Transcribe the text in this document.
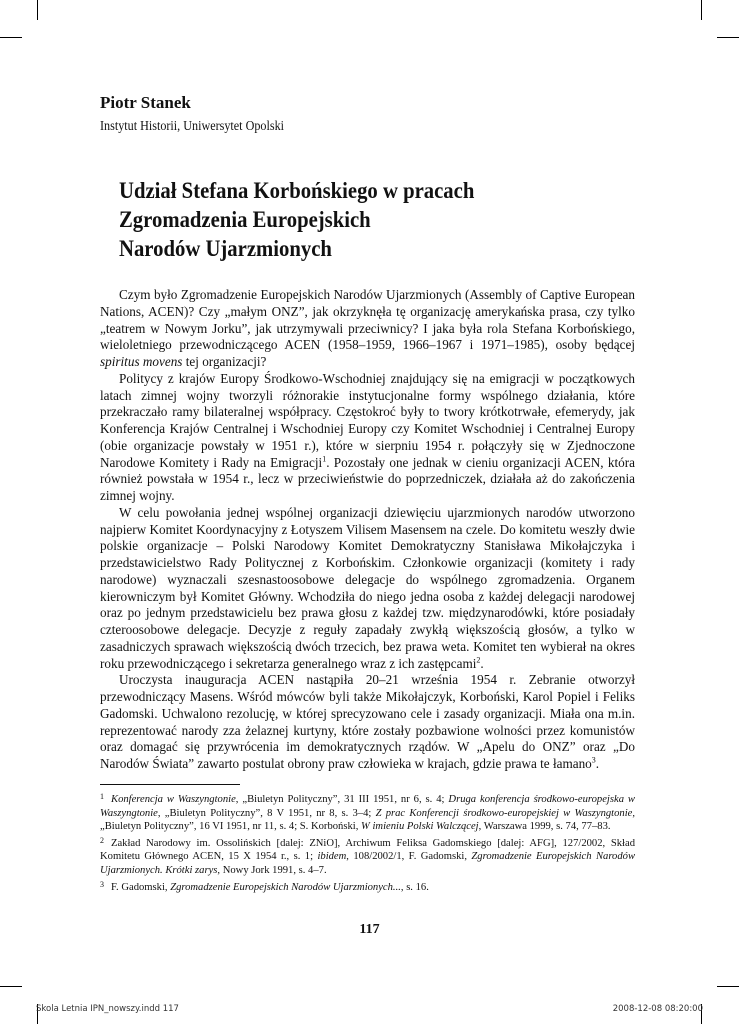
Piotr Stanek
Instytut Historii, Uniwersytet Opolski
Udział Stefana Korbońskiego w pracach
Zgromadzenia Europejskich
Narodów Ujarzmionych

Czym było Zgromadzenie Europejskich Narodów Ujarzmionych (Assembly of Captive European Nations, ACEN)? Czy „małym ONZ”, jak okrzyknęła tę organizację amerykańska prasa, czy tylko „teatrem w Nowym Jorku”, jak utrzymywali przeciwnicy? I jaka była rola Stefana Korbońskiego, wieloletniego przewodniczącego ACEN (1958–1959, 1966–1967 i 1971–1985), osoby będącej spiritus movens tej organizacji?

Politycy z krajów Europy Środkowo-Wschodniej znajdujący się na emigracji w początkowych latach zimnej wojny tworzyli różnorakie instytucjonalne formy wspólnego działania, które przekraczało ramy bilateralnej współpracy. Częstokroć były to twory krótkotrwałe, efemerydy, jak Konferencja Krajów Centralnej i Wschodniej Europy czy Komitet Wschodniej i Centralnej Europy (obie organizacje powstały w 1951 r.), które w sierpniu 1954 r. połączyły się w Zjednoczone Narodowe Komitety i Rady na Emigracji$^1$. Pozostały one jednak w cieniu organizacji ACEN, która również powstała w 1954 r., lecz w przeciwieństwie do poprzedniczek, działała aż do zakończenia zimnej wojny.

W celu powołania jednej wspólnej organizacji dziewięciu ujarzmionych narodów utworzono najpierw Komitet Koordynacyjny z Łotyszem Vilisem Masensem na czele. Do komitetu weszły dwie polskie organizacje – Polski Narodowy Komitet Demokratyczny Stanisława Mikołajczyka i przedstawicielstwo Rady Politycznej z Korbońskim. Członkowie organizacji (komitety i rady narodowe) wyznaczali szesnastoosobowe delegacje do wspólnego zgromadzenia. Organem kierowniczym był Komitet Główny. Wchodziła do niego jedna osoba z każdej delegacji narodowej oraz po jednym przedstawicielu bez prawa głosu z każdej tzw. międzynarodówki, które posiadały czteroosobowe delegacje. Decyzje z reguły zapadały zwykłą większością głosów, a tylko w zasadniczych sprawach większością dwóch trzecich, bez prawa weta. Komitet ten wybierał na okres roku przewodniczącego i sekretarza generalnego wraz z ich zastępcami$^2$.

Uroczysta inauguracja ACEN nastąpiła 20–21 września 1954 r. Zebranie otworzył przewodniczący Masens. Wśród mówców byli także Mikołajczyk, Korboński, Karol Popiel i Feliks Gadomski. Uchwalono rezolucję, w której sprecyzowano cele i zasady organizacji. Miała ona m.in. reprezentować narody zza żelaznej kurtyny, które zostały pozbawione wolności przez komunistów oraz domagać się przywrócenia im demokratycznych rządów. W „Apelu do ONZ” oraz „Do Narodów Świata” zawarto postulat obrony praw człowieka w krajach, gdzie prawa te łamano$^3$.

$^1$ Konferencja w Waszyngtonie, „Biuletyn Polityczny”, 31 III 1951, nr 6, s. 4; Druga konferencja środkowo-europejska w Waszyngtonie, „Biuletyn Polityczny”, 8 V 1951, nr 8, s. 3–4; Z prac Konferencji środkowo-europejskiej w Waszyngtonie, „Biuletyn Polityczny”, 16 VI 1951, nr 11, s. 4; S. Korboński, W imieniu Polski Walczącej, Warszawa 1999, s. 74, 77–83.

$^2$ Zakład Narodowy im. Ossolińskich [dalej: ZNiO], Archiwum Feliksa Gadomskiego [dalej: AFG], 127/2002, Skład Komitetu Głównego ACEN, 15 X 1954 r., s. 1; ibidem, 108/2002/1, F. Gadomski, Zgromadzenie Europejskich Narodów Ujarzmionych. Krótki zarys, Nowy Jork 1991, s. 4–7.

$^3$ F. Gadomski, Zgromadzenie Europejskich Narodów Ujarzmionych..., s. 16.

117
Skola Letnia IPN_nowszy.indd 117	2008-12-08 08:20:00
